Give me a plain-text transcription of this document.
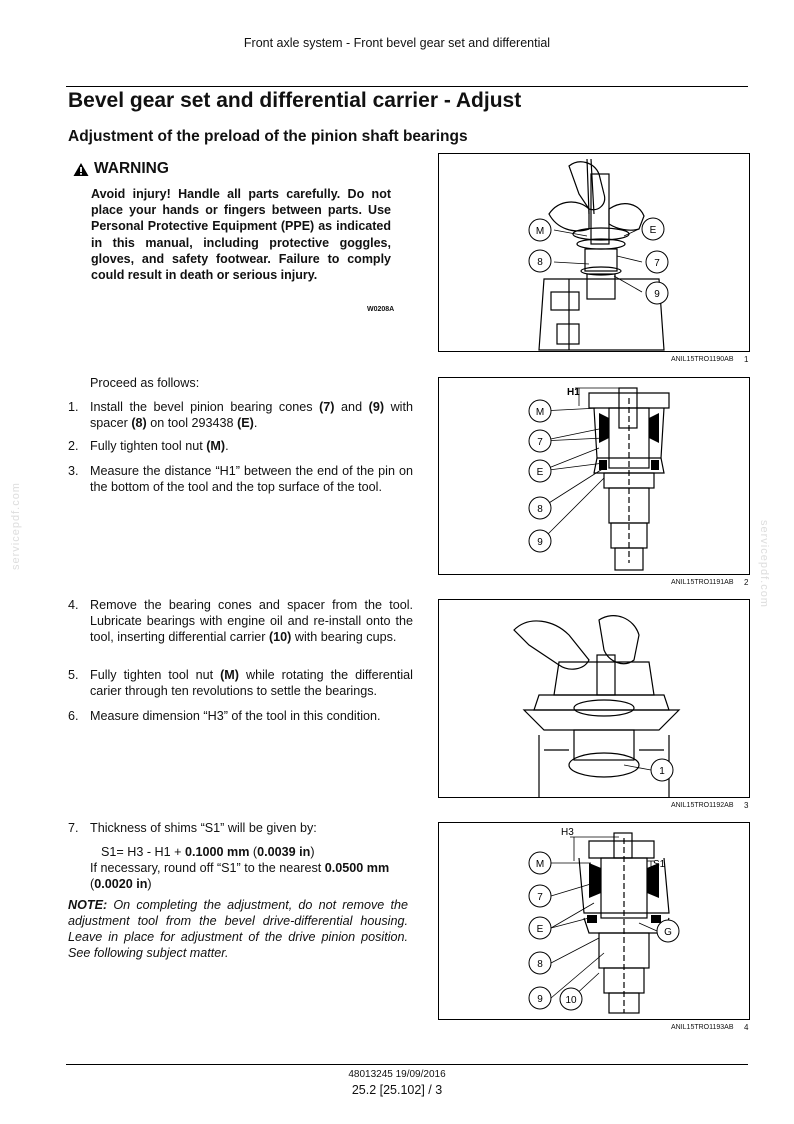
Front axle system - Front bevel gear set and differential
Bevel gear set and differential carrier - Adjust
Adjustment of the preload of the pinion shaft bearings
WARNING
Avoid injury! Handle all parts carefully. Do not place your hands or fingers between parts. Use Personal Protective Equipment (PPE) as indicated in this manual, including protective goggles, gloves, and safety footwear. Failure to comply could result in death or serious injury.
W0208A
Proceed as follows:
1. Install the bevel pinion bearing cones (7) and (9) with spacer (8) on tool 293438 (E).
2. Fully tighten tool nut (M).
3. Measure the distance “H1” between the end of the pin on the bottom of the tool and the top surface of the tool.
4. Remove the bearing cones and spacer from the tool. Lubricate bearings with engine oil and re-install onto the tool, inserting differential carrier (10) with bearing cups.
5. Fully tighten tool nut (M) while rotating the differential carier through ten revolutions to settle the bearings.
6. Measure dimension “H3” of the tool in this condition.
7. Thickness of shims “S1” will be given by:
S1= H3 - H1 + 0.1000 mm (0.0039 in)
If necessary, round off “S1” to the nearest 0.0500 mm
(0.0020 in)
NOTE: On completing the adjustment, do not remove the adjustment tool from the bevel drive-differential housing. Leave in place for adjustment of the drive pinion position. See following subject matter.
M	E
8	7
9
ANIL15TRO1190AB 1
H1
M
7
E
8
9
ANIL15TRO1191AB 2
1
ANIL15TRO1192AB 3
H3
S1
M
7
E	G
8
9 10
ANIL15TRO1193AB 4
servicepdf.com	servicepdf.com
48013245 19/09/2016
25.2 [25.102] / 3
